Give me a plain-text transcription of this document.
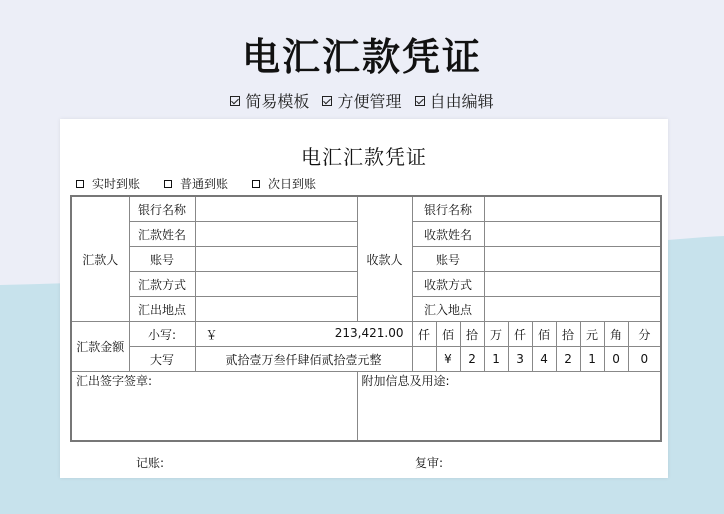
电汇汇款凭证
简易模板
方便管理
自由编辑
电汇汇款凭证
实时到账	普通到账	次日到账
汇款人	银行名称		收款人	银行名称									
	汇款姓名			收款姓名									
	账号			账号									
	汇款方式			收款方式									
	汇出地点			汇入地点									
汇款金额	小写:	￥ 213,421.00		仟	佰	拾	万	仟	佰	拾	元	角	分
	大写	贰拾壹万叁仟肆佰贰拾壹元整			¥	2	1	3	4	2	1	0	0
汇出签字签章:			附加信息及用途:										
记账:	复审:
